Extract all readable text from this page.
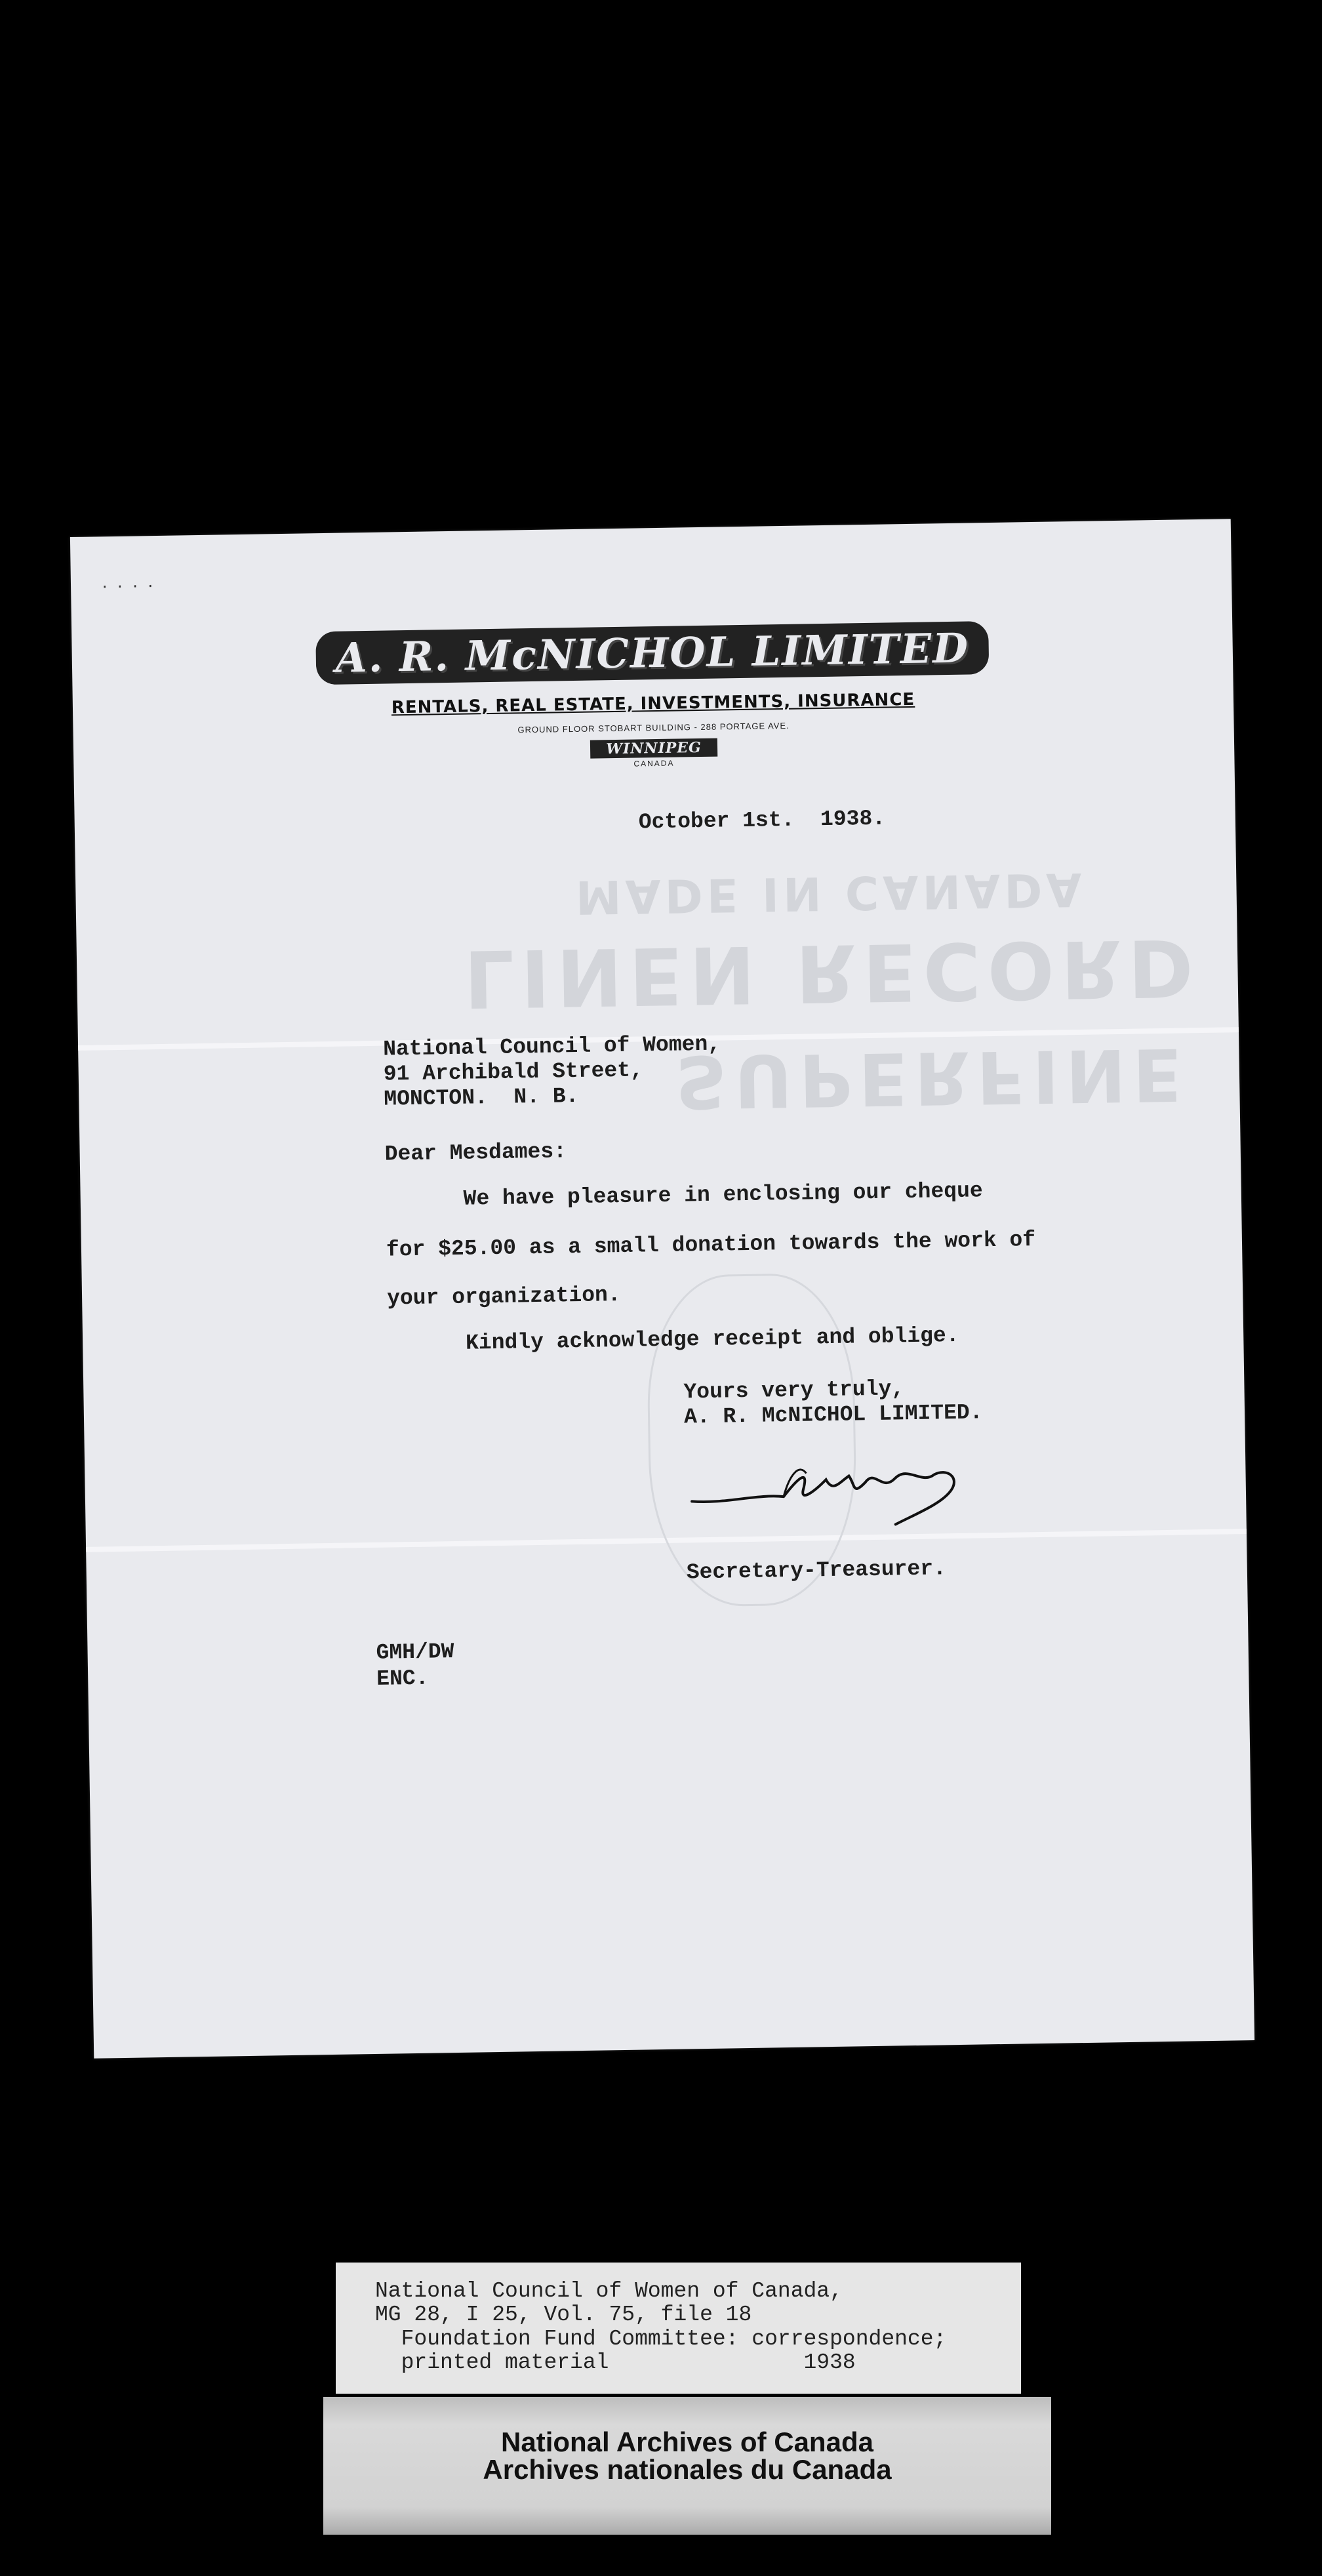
....
MADE IN CANADA
LINEN RECORD
SUPERFINE
A. R. McNICHOL LIMITED
RENTALS, REAL ESTATE, INVESTMENTS, INSURANCE
GROUND FLOOR STOBART BUILDING - 288 PORTAGE AVE.
WINNIPEG
CANADA
October 1st.  1938.
National Council of Women,
91 Archibald Street,
MONCTON.  N. B.
Dear Mesdames:
We have pleasure in enclosing our cheque
for $25.00 as a small donation towards the work of
your organization.
Kindly acknowledge receipt and oblige.
Yours very truly,
A. R. McNICHOL LIMITED.
Secretary-Treasurer.
GMH/DW
ENC.
National Council of Women of Canada,
MG 28, I 25, Vol. 75, file 18
Foundation Fund Committee: correspondence;
printed material               1938
National Archives of Canada
Archives nationales du Canada
